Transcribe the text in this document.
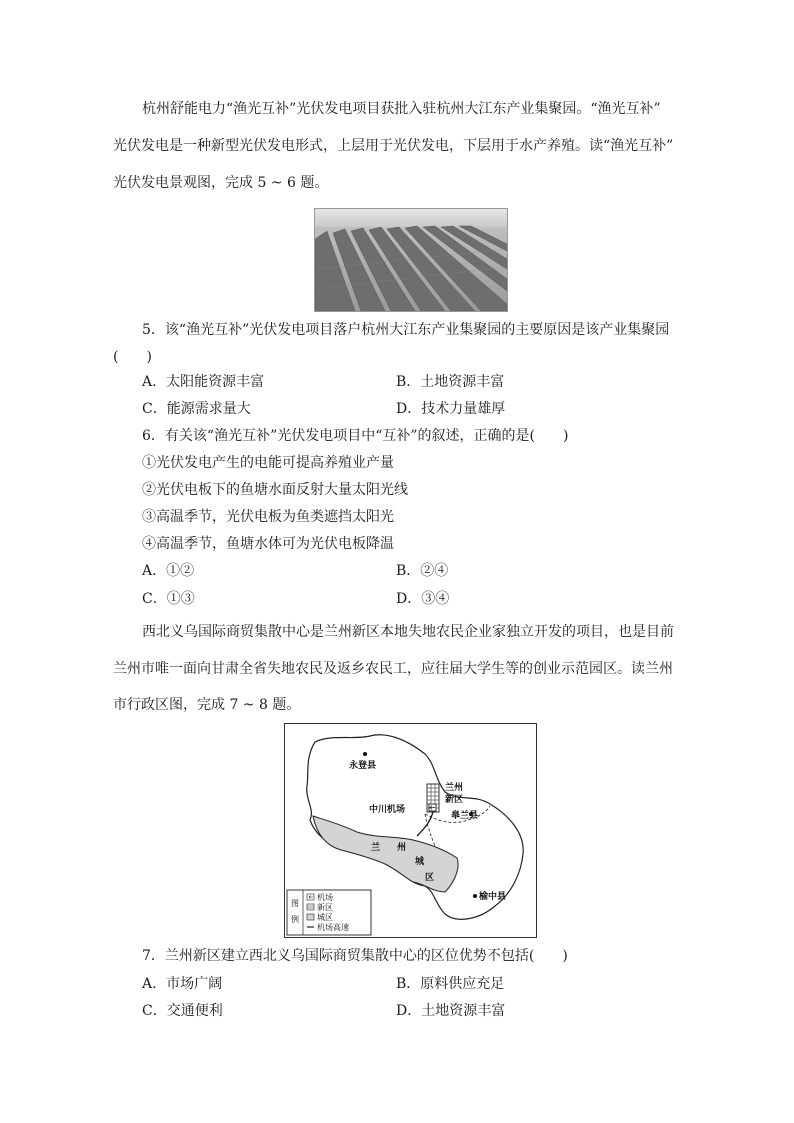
杭州舒能电力“渔光互补”光伏发电项目获批入驻杭州大江东产业集聚园。“渔光互补”
光伏发电是一种新型光伏发电形式，上层用于光伏发电，下层用于水产养殖。读“渔光互补”
光伏发电景观图，完成 5 ~ 6 题。
5．该“渔光互补”光伏发电项目落户杭州大江东产业集聚园的主要原因是该产业集聚园
(　　)
A．太阳能资源丰富	B．土地资源丰富
C．能源需求量大	D．技术力量雄厚
6．有关该“渔光互补”光伏发电项目中“互补”的叙述，正确的是(　　)
①光伏发电产生的电能可提高养殖业产量
②光伏电板下的鱼塘水面反射大量太阳光线
③高温季节，光伏电板为鱼类遮挡太阳光
④高温季节，鱼塘水体可为光伏电板降温
A．①②	B．②④
C．①③	D．③④
西北义乌国际商贸集散中心是兰州新区本地失地农民企业家独立开发的项目，也是目前
兰州市唯一面向甘肃全省失地农民及返乡农民工，应往届大学生等的创业示范园区。读兰州
市行政区图，完成 7 ~ 8 题。
永登县
兰州
新区
中川机场
皋兰县
兰 州
城
区
榆中县
图
例
机场
新区
城区
机场高速
7．兰州新区建立西北义乌国际商贸集散中心的区位优势不包括(　　)
A．市场广阔	B．原料供应充足
C．交通便利	D．土地资源丰富
